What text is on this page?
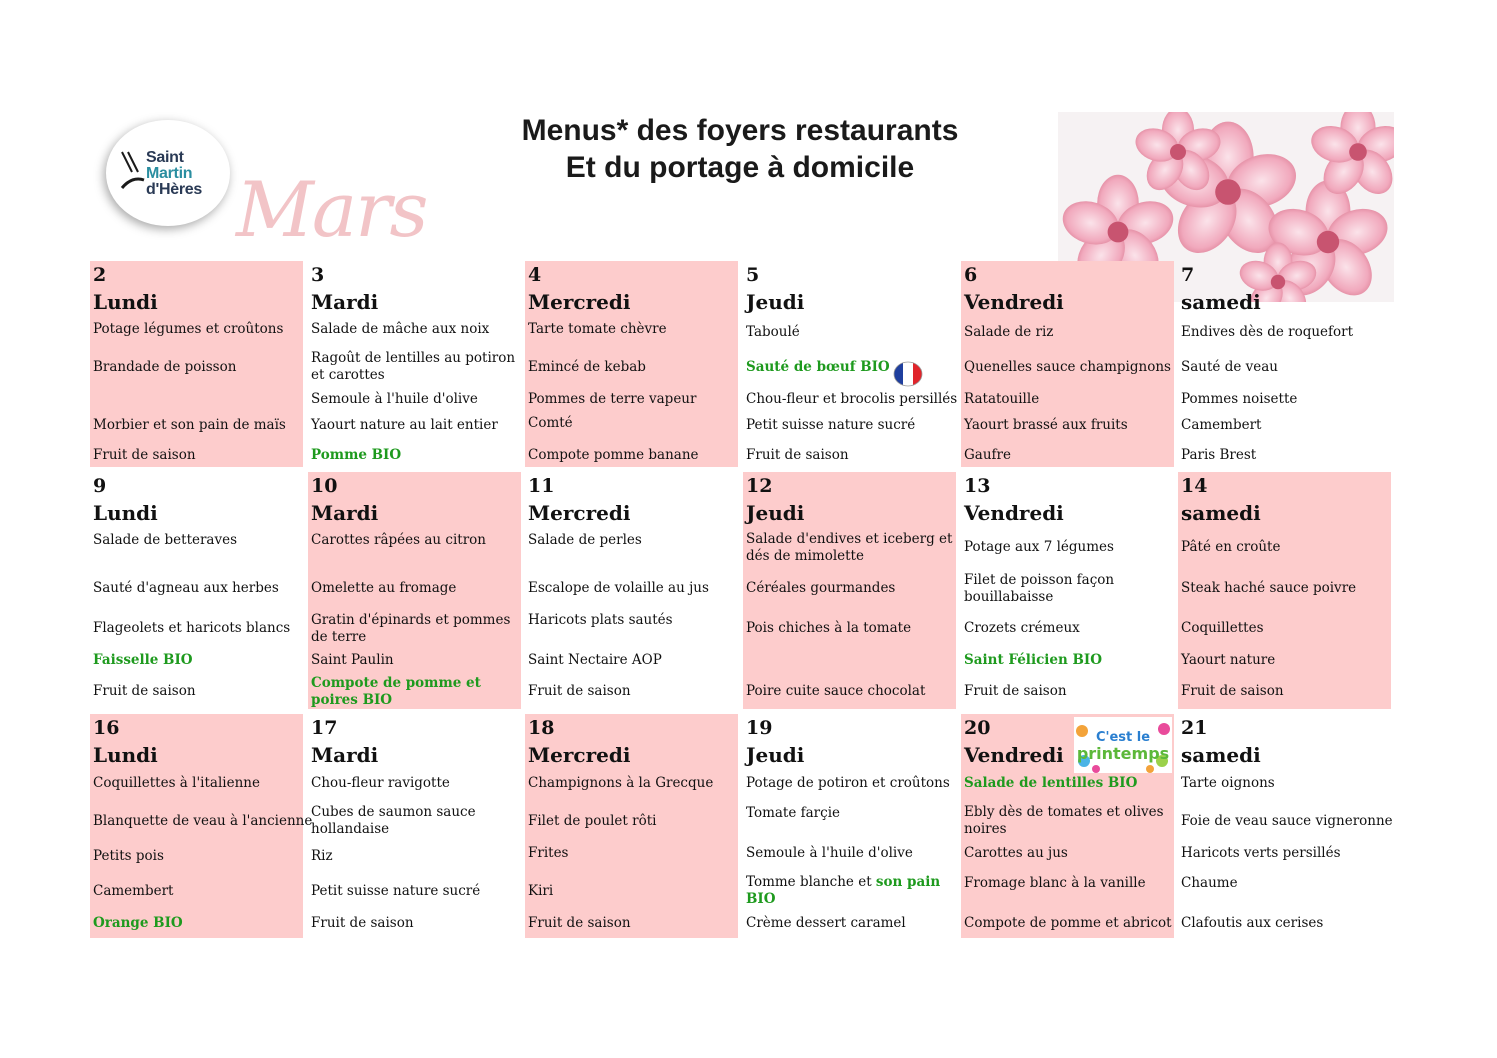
Saint
Martin
d'Hères Mars
Menus* des foyers restaurants
Et du portage à domicile
2
Lundi
Potage légumes et croûtons
Brandade de poisson
Morbier et son pain de maïs
Fruit de saison
3
Mardi
Salade de mâche aux noix
Ragoût de lentilles au potiron et carottes
Semoule à l'huile d'olive
Yaourt nature au lait entier
Pomme BIO
4
Mercredi
Tarte tomate chèvre
Emincé de kebab
Pommes de terre vapeur
Comté
Compote pomme banane
5
Jeudi
Taboulé
Sauté de bœuf BIO
Chou-fleur et brocolis persillés
Petit suisse nature sucré
Fruit de saison
6
Vendredi
Salade de riz
Quenelles sauce champignons
Ratatouille
Yaourt brassé aux fruits
Gaufre
7
samedi
Endives dès de roquefort
Sauté de veau
Pommes noisette
Camembert
Paris Brest
9
Lundi
Salade de betteraves
Sauté d'agneau aux herbes
Flageolets et haricots blancs
Faisselle BIO
Fruit de saison
10
Mardi
Carottes râpées au citron
Omelette au fromage
Gratin d'épinards et pommes de terre
Saint Paulin
Compote de pomme et poires BIO
11
Mercredi
Salade de perles
Escalope de volaille au jus
Haricots plats sautés
Saint Nectaire AOP
Fruit de saison
12
Jeudi
Salade d'endives et iceberg et dés de mimolette
Céréales gourmandes
Pois chiches à la tomate
Poire cuite sauce chocolat
13
Vendredi
Potage aux 7 légumes
Filet de poisson façon bouillabaisse
Crozets crémeux
Saint Félicien BIO
Fruit de saison
14
samedi
Pâté en croûte
Steak haché sauce poivre
Coquillettes
Yaourt nature
Fruit de saison
16
Lundi
Coquillettes à l'italienne
Blanquette de veau à l'ancienne
Petits pois
Camembert
Orange BIO
17
Mardi
Chou-fleur ravigotte
Cubes de saumon sauce hollandaise
Riz
Petit suisse nature sucré
Fruit de saison
18
Mercredi
Champignons à la Grecque
Filet de poulet rôti
Frites
Kiri
Fruit de saison
19
Jeudi
Potage de potiron et croûtons
Tomate farçie
Semoule à l'huile d'olive
Tomme blanche et son pain BIO
Crème dessert caramel
20
Vendredi
C'est le
printemps
Salade de lentilles BIO
Ebly dès de tomates et olives noires
Carottes au jus
Fromage blanc à la vanille
Compote de pomme et abricot
21
samedi
Tarte oignons
Foie de veau sauce vigneronne
Haricots verts persillés
Chaume
Clafoutis aux cerises
